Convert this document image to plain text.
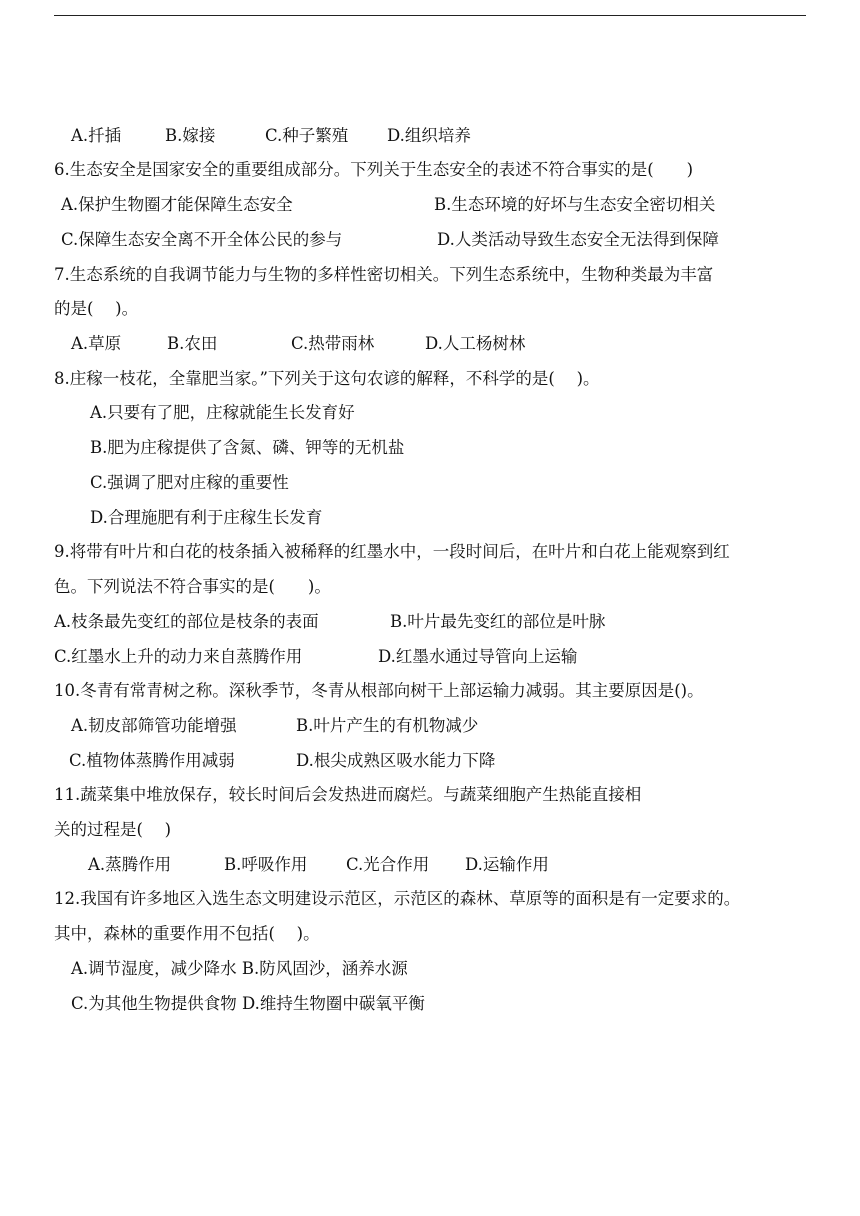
A.扦插	B.嫁接	C.种子繁殖 D.组织培养
6.生态安全是国家安全的重要组成部分。下列关于生态安全的表述不符合事实的是(　　)
A.保护生物圈才能保障生态安全	B.生态环境的好坏与生态安全密切相关
C.保障生态安全离不开全体公民的参与	D.人类活动导致生态安全无法得到保障
7.生态系统的自我调节能力与生物的多样性密切相关。下列生态系统中，生物种类最为丰富
的是(　 )。
A.草原	B.农田	C.热带雨林	D.人工杨树林
8.庄稼一枝花，全靠肥当家。”下列关于这句农谚的解释，不科学的是(　 )。
A.只要有了肥，庄稼就能生长发育好
B.肥为庄稼提供了含氮、磷、钾等的无机盐
C.强调了肥对庄稼的重要性
D.合理施肥有利于庄稼生长发育
9.将带有叶片和白花的枝条插入被稀释的红墨水中，一段时间后，在叶片和白花上能观察到红
色。下列说法不符合事实的是(　　)。
A.枝条最先变红的部位是枝条的表面	B.叶片最先变红的部位是叶脉
C.红墨水上升的动力来自蒸腾作用	D.红墨水通过导管向上运输
10.冬青有常青树之称。深秋季节，冬青从根部向树干上部运输力减弱。其主要原因是()。
A.韧皮部筛管功能增强	B.叶片产生的有机物减少
C.植物体蒸腾作用减弱	D.根尖成熟区吸水能力下降
11.蔬菜集中堆放保存，较长时间后会发热进而腐烂。与蔬菜细胞产生热能直接相
关的过程是(　 )
A.蒸腾作用	B.呼吸作用 C.光合作用 D.运输作用
12.我国有许多地区入选生态文明建设示范区，示范区的森林、草原等的面积是有一定要求的。
其中，森林的重要作用不包括(　 )。
A.调节湿度，减少降水 B.防风固沙，涵养水源
C.为其他生物提供食物 D.维持生物圈中碳氧平衡
